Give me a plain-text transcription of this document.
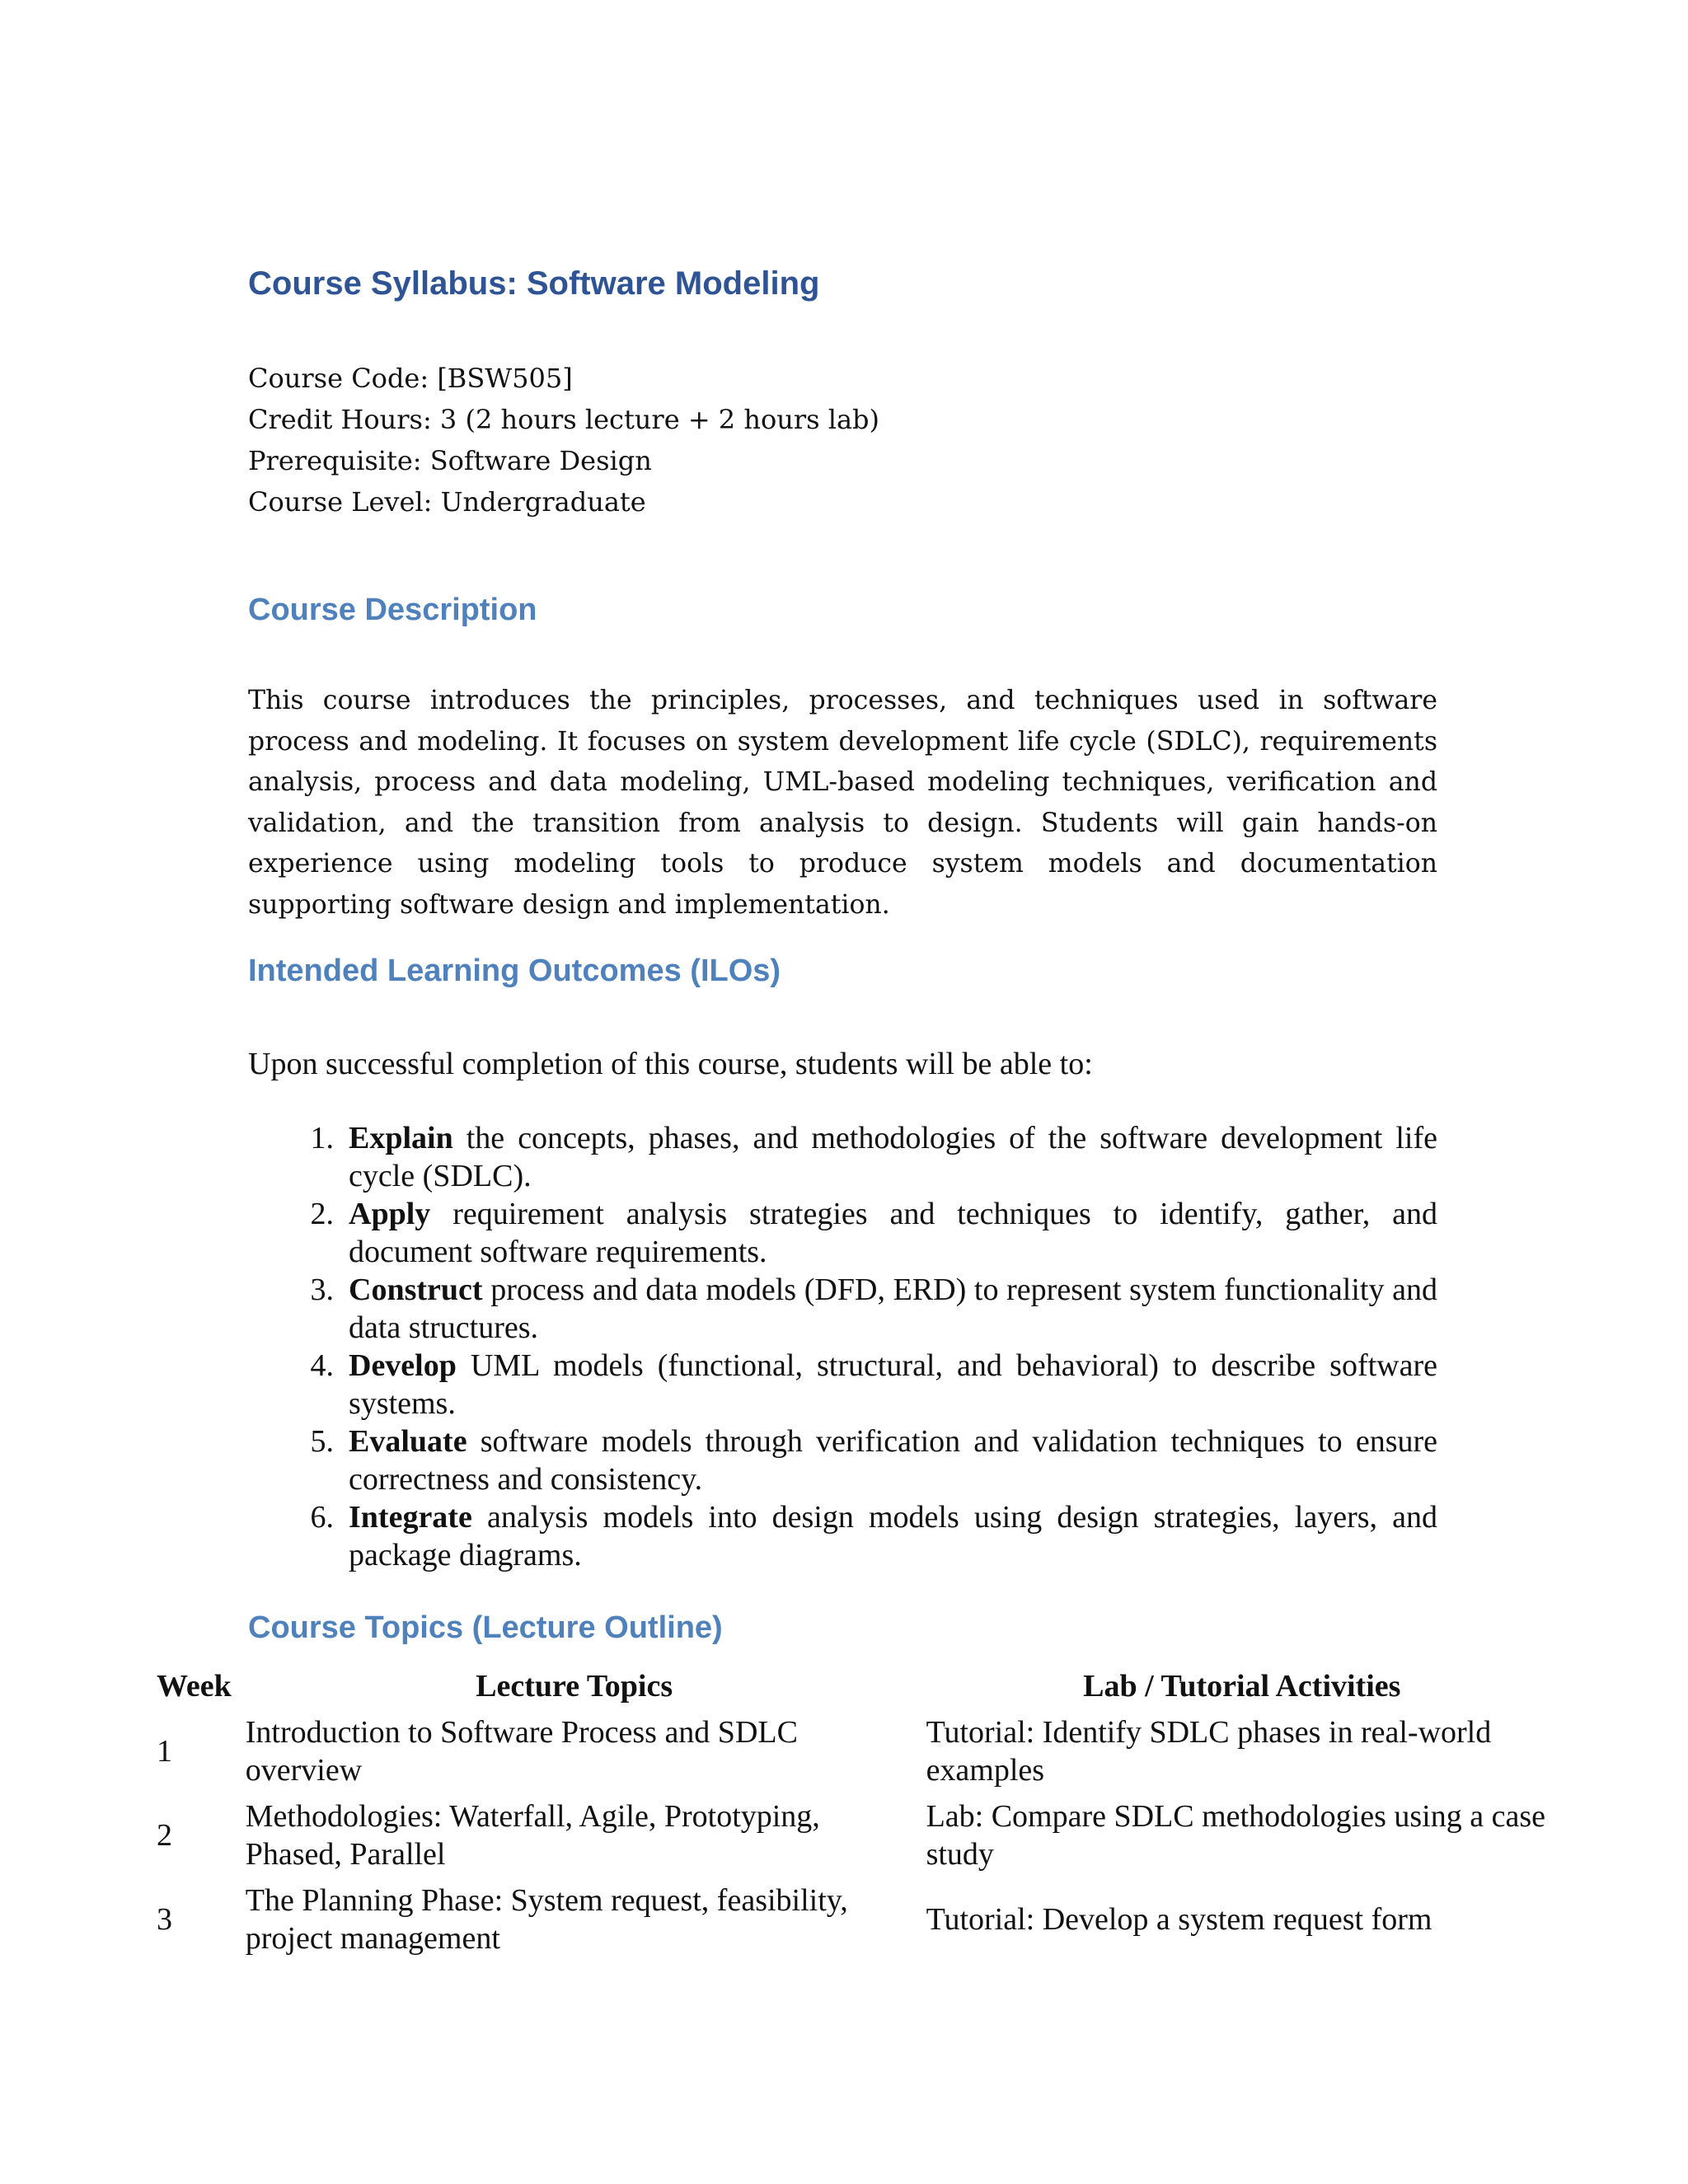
Course Syllabus: Software Modeling
Course Code: [BSW505]
Credit Hours: 3 (2 hours lecture + 2 hours lab)
Prerequisite: Software Design
Course Level: Undergraduate
Course Description

This course introduces the principles, processes, and techniques used in software process and modeling. It focuses on system development life cycle (SDLC), requirements analysis, process and data modeling, UML-based modeling techniques, verification and validation, and the transition from analysis to design. Students will gain hands-on experience using modeling tools to produce system models and documentation supporting software design and implementation.

Intended Learning Outcomes (ILOs)

Upon successful completion of this course, students will be able to:

1. Explain the concepts, phases, and methodologies of the software development life cycle (SDLC).
2. Apply requirement analysis strategies and techniques to identify, gather, and document software requirements.
3. Construct process and data models (DFD, ERD) to represent system functionality and data structures.
4. Develop UML models (functional, structural, and behavioral) to describe software systems.
5. Evaluate software models through verification and validation techniques to ensure correctness and consistency.
6. Integrate analysis models into design models using design strategies, layers, and package diagrams.
Course Topics (Lecture Outline)
Week	Lecture Topics	Lab / Tutorial Activities
1	Introduction to Software Process and SDLC overview	Tutorial: Identify SDLC phases in real-world examples
2	Methodologies: Waterfall, Agile, Prototyping, Phased, Parallel	Lab: Compare SDLC methodologies using a case study
3	The Planning Phase: System request, feasibility, project management	Tutorial: Develop a system request form
